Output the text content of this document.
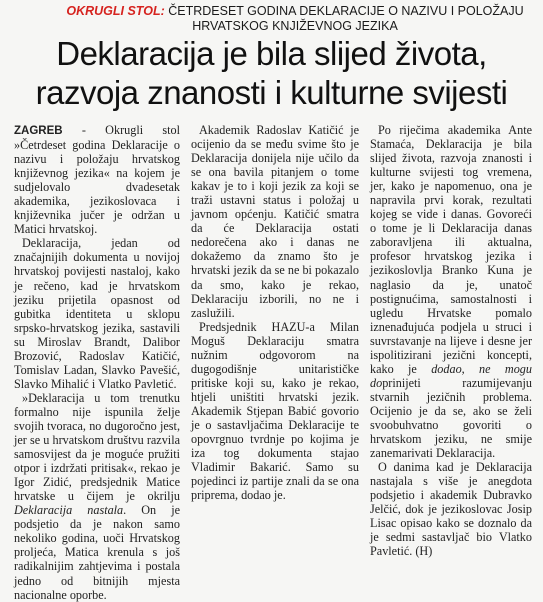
OKRUGLI STOL: ČETRDESET GODINA DEKLARACIJE O NAZIVU I POLOŽAJU HRVATSKOG KNJIŽEVNOG JEZIKA
Deklaracija je bila slijed života,
razvoja znanosti i kulturne svijesti

ZAGREB - Okrugli stol »Četrdeset godina Deklaracije o nazivu i položaju hrvatskog književnog jezika« na kojem je sudjelovalo dvadesetak akademika, jezikoslovaca i književnika jučer je održan u Matici hrvatskoj.

Deklaracija, jedan od značajnijih dokumenta u novijoj hrvatskoj povijesti nastaloj, kako je rečeno, kad je hrvatskom jeziku prijetila opasnost od gubitka identiteta u sklopu srpsko-hrvatskog jezika, sastavili su Miroslav Brandt, Dalibor Brozović, Radoslav Katičić, Tomislav Ladan, Slavko Pavešić, Slavko Mihalić i Vlatko Pavletić.

»Deklaracija u tom trenutku formalno nije ispunila želje svojih tvoraca, no dugoročno jest, jer se u hrvatskom društvu razvila samosvijest da je moguće pružiti otpor i izdržati pritisak«, rekao je Igor Zidić, predsjednik Matice hrvatske u čijem je okrilju Deklaracija nastala. On je podsjetio da je nakon samo nekoliko godina, uoči Hrvatskog proljeća, Matica krenula s još radikalnijim zahtjevima i postala jedno od bitnijih mjesta nacionalne oporbe.

Akademik Radoslav Katičić je ocijenio da se među svime što je Deklaracija donijela nije učilo da se ona bavila pitanjem o tome kakav je to i koji jezik za koji se traži ustavni status i položaj u javnom općenju. Katičić smatra da će Deklaracija ostati nedorečena ako i danas ne dokažemo da znamo što je hrvatski jezik da se ne bi pokazalo da smo, kako je rekao, Deklaraciju izborili, no ne i zaslužili.

Predsjednik HAZU-a Milan Moguš Deklaraciju smatra nužnim odgovorom na dugogodišnje unitarističke pritiske koji su, kako je rekao, htjeli uništiti hrvatski jezik. Akademik Stjepan Babić govorio je o sastavljačima Deklaracije te opovrgnuo tvrdnje po kojima je iza tog dokumenta stajao Vladimir Bakarić. Samo su pojedinci iz partije znali da se ona priprema, dodao je.

Po riječima akademika Ante Stamaća, Deklaracija je bila slijed života, razvoja znanosti i kulturne svijesti tog vremena, jer, kako je napomenuo, ona je napravila prvi korak, rezultati kojeg se vide i danas. Govoreći o tome je li Deklaracija danas zaboravljena ili aktualna, profesor hrvatskog jezika i jezikoslovlja Branko Kuna je naglasio da je, unatoč postignućima, samostalnosti i ugledu Hrvatske pomalo iznenađujuća podjela u struci i suvrstavanje na lijeve i desne jer ispolitizirani jezični koncepti, kako je dodao, ne mogu doprinijeti razumijevanju stvarnih jezičnih problema. Ocijenio je da se, ako se želi svoobuhvatno govoriti o hrvatskom jeziku, ne smije zanemarivati Deklaracija.

O danima kad je Deklaracija nastajala s više je anegdota podsjetio i akademik Dubravko Jelčić, dok je jezikoslovac Josip Lisac opisao kako se doznalo da je sedmi sastavljač bio Vlatko Pavletić. (H)
